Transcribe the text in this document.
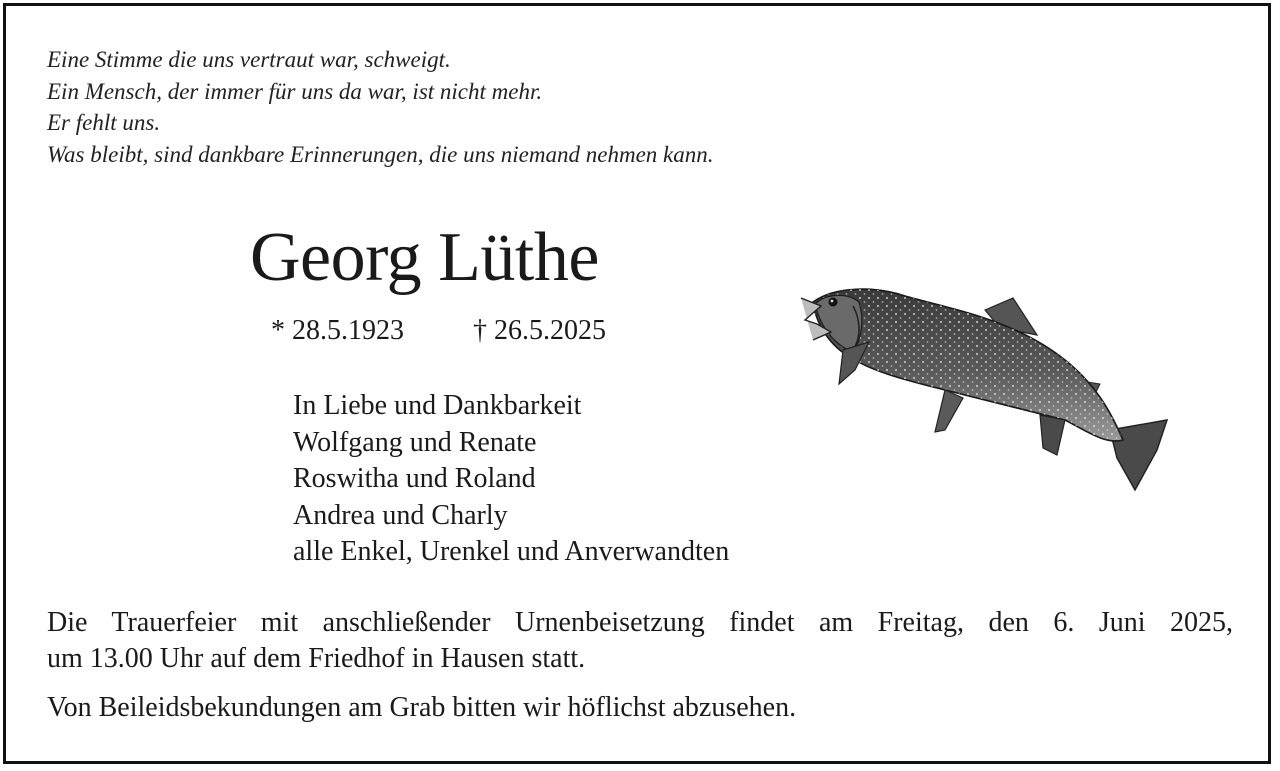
Eine Stimme die uns vertraut war, schweigt.
Ein Mensch, der immer für uns da war, ist nicht mehr.
Er fehlt uns.
Was bleibt, sind dankbare Erinnerungen, die uns niemand nehmen kann.
Georg Lüthe
* 28.5.1923 † 26.5.2025
In Liebe und Dankbarkeit
Wolfgang und Renate
Roswitha und Roland
Andrea und Charly
alle Enkel, Urenkel und Anverwandten
Die Trauerfeier mit anschließender Urnenbeisetzung findet am Freitag, den 6. Juni 2025,
um 13.00 Uhr auf dem Friedhof in Hausen statt.
Von Beileidsbekundungen am Grab bitten wir höflichst abzusehen.
